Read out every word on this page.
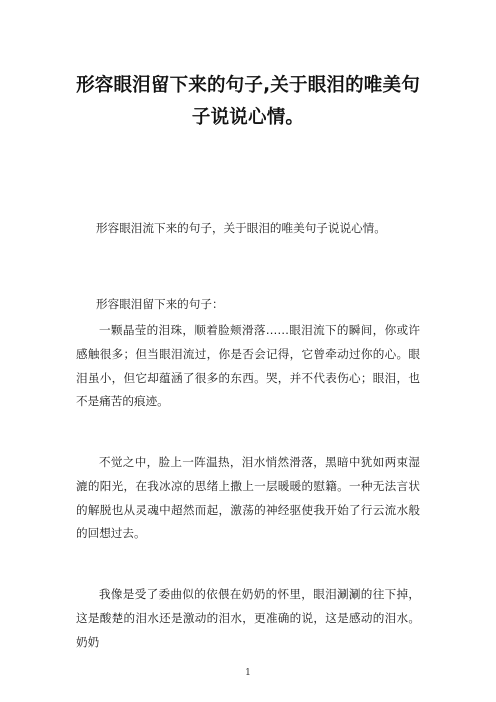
形容眼泪留下来的句子,关于眼泪的唯美句子说说心情。
形容眼泪流下来的句子，关于眼泪的唯美句子说说心情。
形容眼泪留下来的句子：
一颗晶莹的泪珠，顺着脸颊滑落……眼泪流下的瞬间，你或许感触很多；但当眼泪流过，你是否会记得，它曾牵动过你的心。眼泪虽小，但它却蕴涵了很多的东西。哭，并不代表伤心；眼泪，也不是痛苦的痕迹。
不觉之中，脸上一阵温热，泪水悄然滑落，黑暗中犹如两束湿漉的阳光，在我冰凉的思绪上撒上一层暖暖的慰籍。一种无法言状的解脱也从灵魂中超然而起，激荡的神经驱使我开始了行云流水般的回想过去。
我像是受了委曲似的依偎在奶奶的怀里，眼泪涮涮的往下掉，这是酸楚的泪水还是激动的泪水，更准确的说，这是感动的泪水。奶奶
1
